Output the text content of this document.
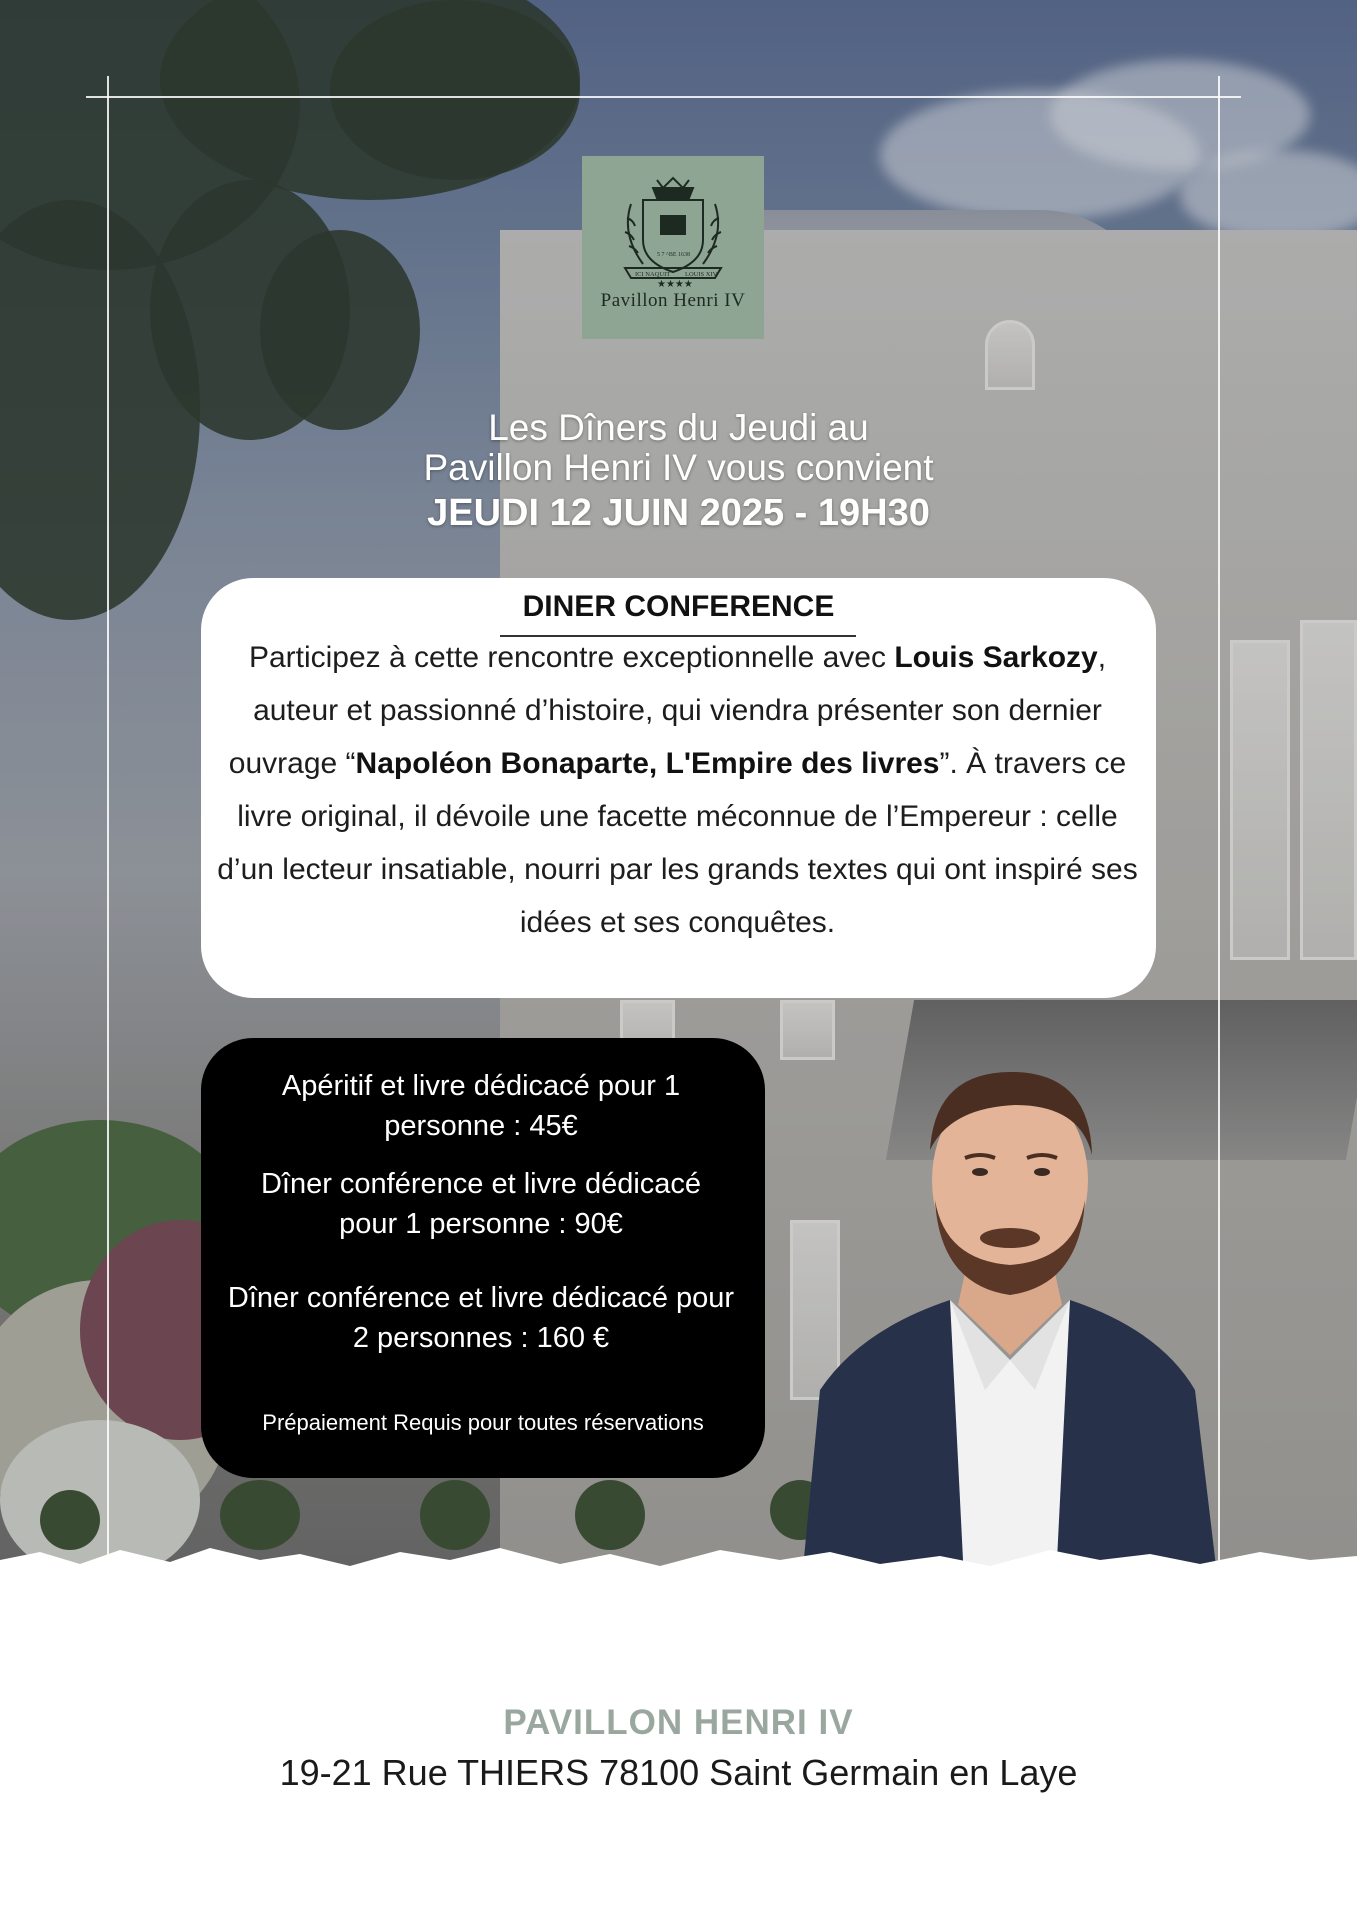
ICI NAQUIT LOUIS XIV
5 7 ^BE 1638
★★★★
Pavillon Henri IV
Les Dîners du Jeudi au
Pavillon Henri IV vous convient
JEUDI 12 JUIN 2025 - 19H30
DINER CONFERENCE
Participez à cette rencontre exceptionnelle avec Louis Sarkozy, auteur et passionné d’histoire, qui viendra présenter son dernier ouvrage “Napoléon Bonaparte, L'Empire des livres”. À travers ce livre original, il dévoile une facette méconnue de l’Empereur : celle d’un lecteur insatiable, nourri par les grands textes qui ont inspiré ses idées et ses conquêtes.
Apéritif et livre dédicacé pour 1 personne : 45€
Dîner conférence et livre dédicacé pour 1 personne : 90€
Dîner conférence et livre dédicacé pour 2 personnes : 160 €
Prépaiement Requis pour toutes réservations
PAVILLON HENRI IV
19-21 Rue THIERS 78100 Saint Germain en Laye
